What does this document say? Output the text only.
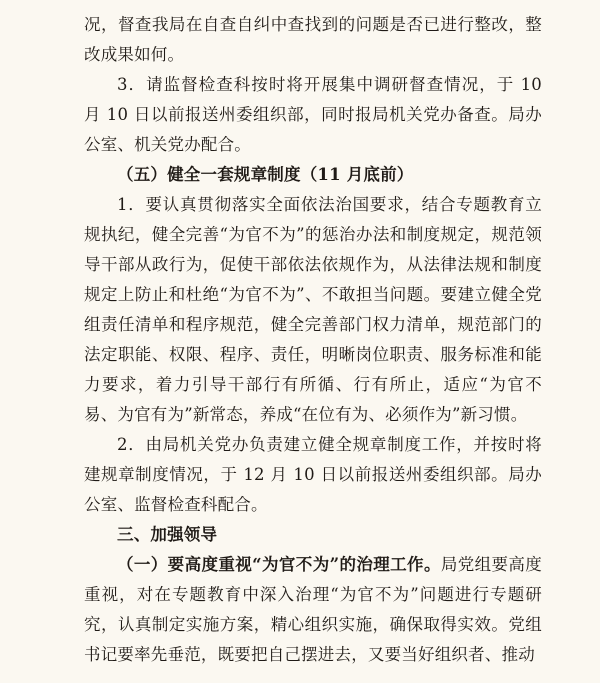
况，督查我局在自查自纠中查找到的问题是否已进行整改，整改成果如何。

3．请监督检查科按时将开展集中调研督查情况，于 10 月 10 日以前报送州委组织部，同时报局机关党办备查。局办公室、机关党办配合。

（五）健全一套规章制度（11 月底前）

1．要认真贯彻落实全面依法治国要求，结合专题教育立规执纪，健全完善“为官不为”的惩治办法和制度规定，规范领导干部从政行为，促使干部依法依规作为，从法律法规和制度规定上防止和杜绝“为官不为”、不敢担当问题。要建立健全党组责任清单和程序规范，健全完善部门权力清单，规范部门的法定职能、权限、程序、责任，明晰岗位职责、服务标准和能力要求，着力引导干部行有所循、行有所止，适应“为官不易、为官有为”新常态，养成“在位有为、必须作为”新习惯。

2．由局机关党办负责建立健全规章制度工作，并按时将建规章制度情况，于 12 月 10 日以前报送州委组织部。局办公室、监督检查科配合。

三、加强领导

（一）要高度重视“为官不为”的治理工作。局党组要高度重视，对在专题教育中深入治理“为官不为”问题进行专题研究，认真制定实施方案，精心组织实施，确保取得实效。党组书记要率先垂范，既要把自己摆进去，又要当好组织者、推动
